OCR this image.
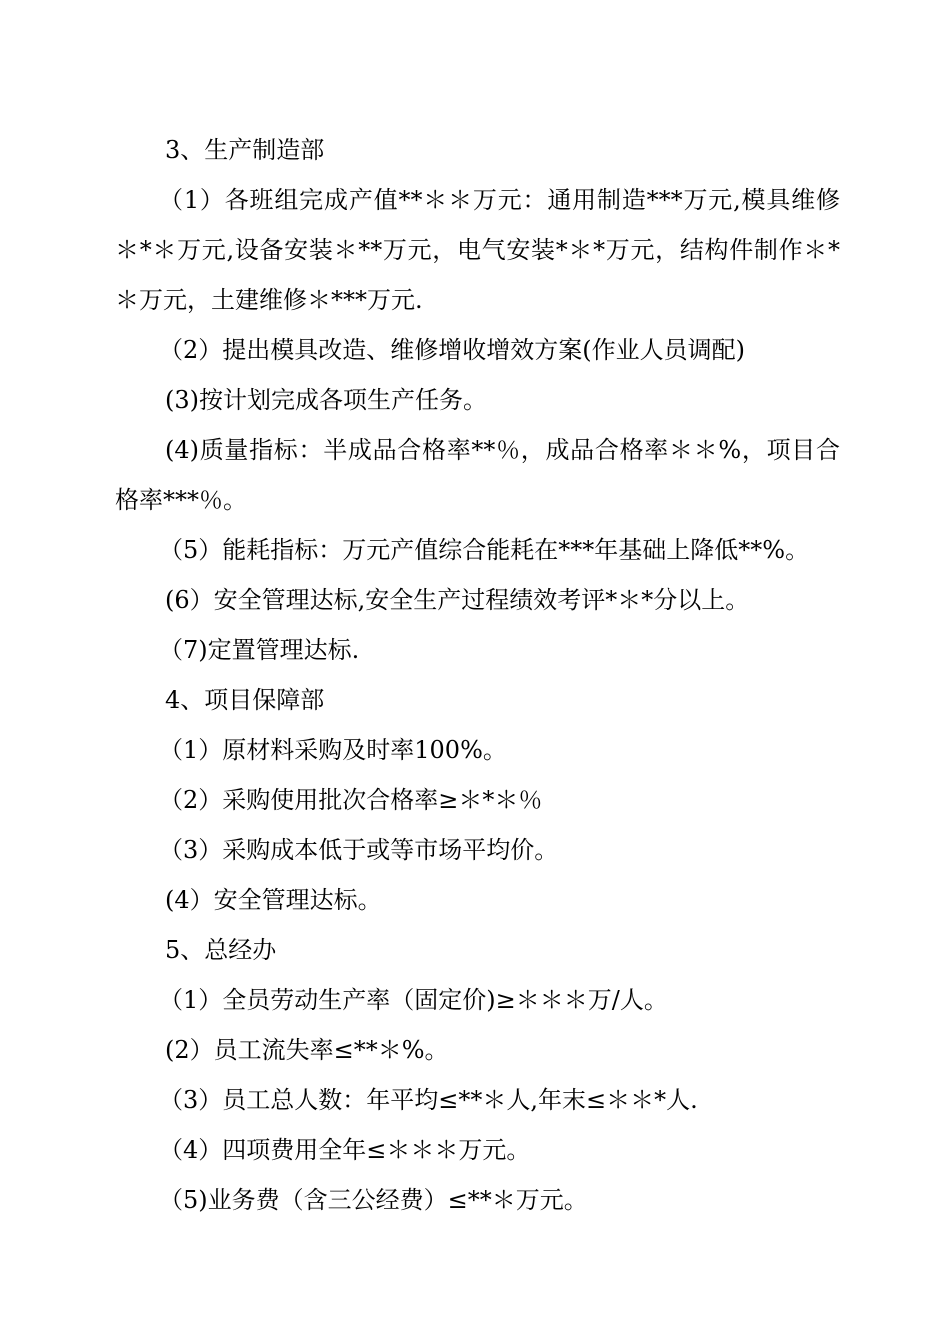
3、生产制造部

（1）各班组完成产值**＊＊万元：通用制造***万元,模具维修＊*＊万元,设备安装＊**万元，电气安装*＊*万元，结构件制作＊*＊万元，土建维修＊***万元.

（2）提出模具改造、维修增收增效方案(作业人员调配)

(3)按计划完成各项生产任务。

(4)质量指标：半成品合格率**％，成品合格率＊＊%，项目合格率***％。

（5）能耗指标：万元产值综合能耗在***年基础上降低**%。

(6）安全管理达标,安全生产过程绩效考评*＊*分以上。

（7)定置管理达标.

4、项目保障部

（1）原材料采购及时率100%。

（2）采购使用批次合格率≥＊*＊％

（3）采购成本低于或等市场平均价。

(4）安全管理达标。

5、总经办

（1）全员劳动生产率（固定价)≥＊＊＊万/人。

(2）员工流失率≤**＊%。

（3）员工总人数：年平均≤**＊人,年末≤＊＊*人.

（4）四项费用全年≤＊＊＊万元。

（5)业务费（含三公经费）≤**＊万元。
